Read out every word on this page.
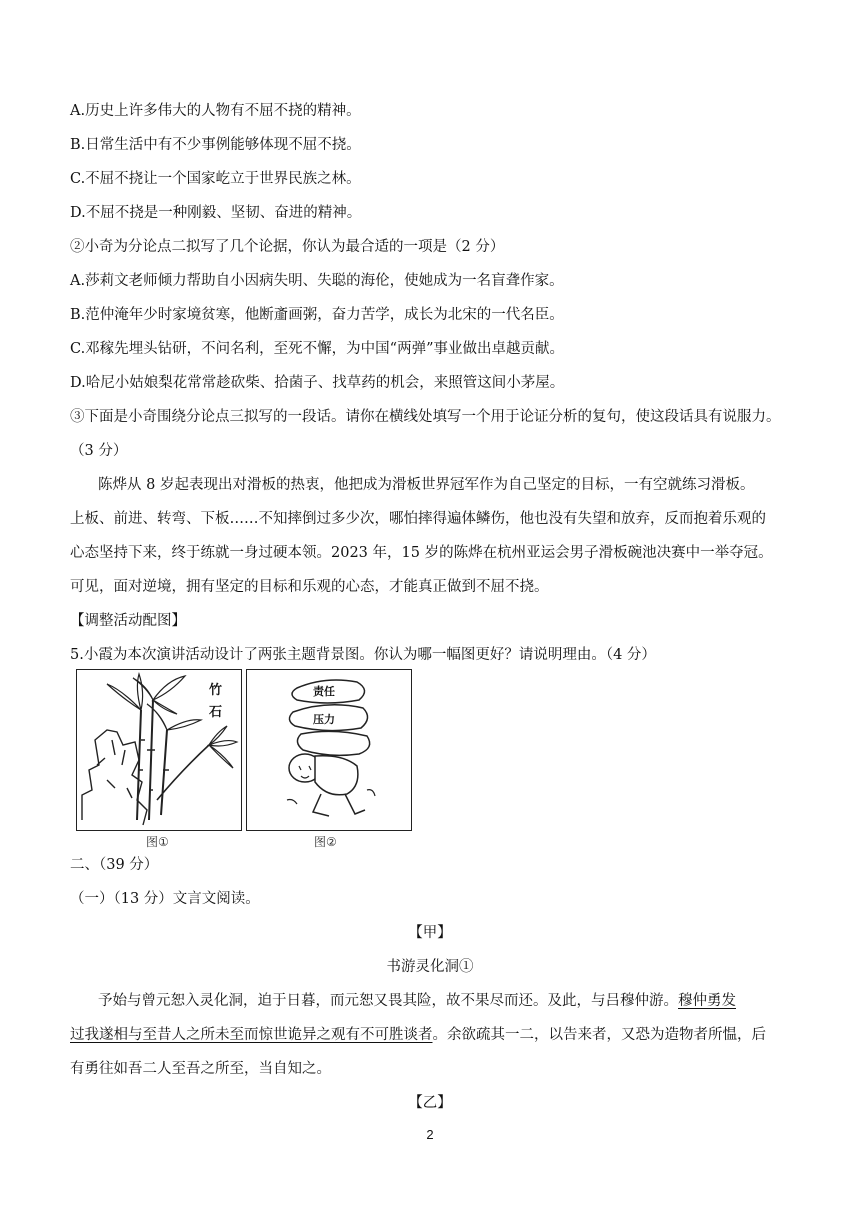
A.历史上许多伟大的人物有不屈不挠的精神。
B.日常生活中有不少事例能够体现不屈不挠。
C.不屈不挠让一个国家屹立于世界民族之林。
D.不屈不挠是一种刚毅、坚韧、奋进的精神。
②小奇为分论点二拟写了几个论据，你认为最合适的一项是（2 分）
A.莎莉文老师倾力帮助自小因病失明、失聪的海伦，使她成为一名盲聋作家。
B.范仲淹年少时家境贫寒，他断齑画粥，奋力苦学，成长为北宋的一代名臣。
C.邓稼先埋头钻研，不问名利，至死不懈，为中国“两弹”事业做出卓越贡献。
D.哈尼小姑娘梨花常常趁砍柴、拾菌子、找草药的机会，来照管这间小茅屋。
③下面是小奇围绕分论点三拟写的一段话。请你在横线处填写一个用于论证分析的复句，使这段话具有说服力。
（3 分）
陈烨从 8 岁起表现出对滑板的热衷，他把成为滑板世界冠军作为自己坚定的目标，一有空就练习滑板。
上板、前进、转弯、下板……不知摔倒过多少次，哪怕摔得遍体鳞伤，他也没有失望和放弃，反而抱着乐观的
心态坚持下来，终于练就一身过硬本领。2023 年，15 岁的陈烨在杭州亚运会男子滑板碗池决赛中一举夺冠。
可见，面对逆境，拥有坚定的目标和乐观的心态，才能真正做到不屈不挠。
【调整活动配图】
5.小霞为本次演讲活动设计了两张主题背景图。你认为哪一幅图更好？请说明理由。（4 分）
竹
石
图①
责任
压力
图②
二、（39 分）
（一）（13 分）文言文阅读。
【甲】
书游灵化洞①
予始与曾元恕入灵化洞，迫于日暮，而元恕又畏其险，故不果尽而还。及此，与吕穆仲游。穆仲勇发
过我遂相与至昔人之所未至而惊世诡异之观有不可胜谈者。余欲疏其一二，以告来者，又恐为造物者所愠，后
有勇往如吾二人至吾之所至，当自知之。
【乙】
2
